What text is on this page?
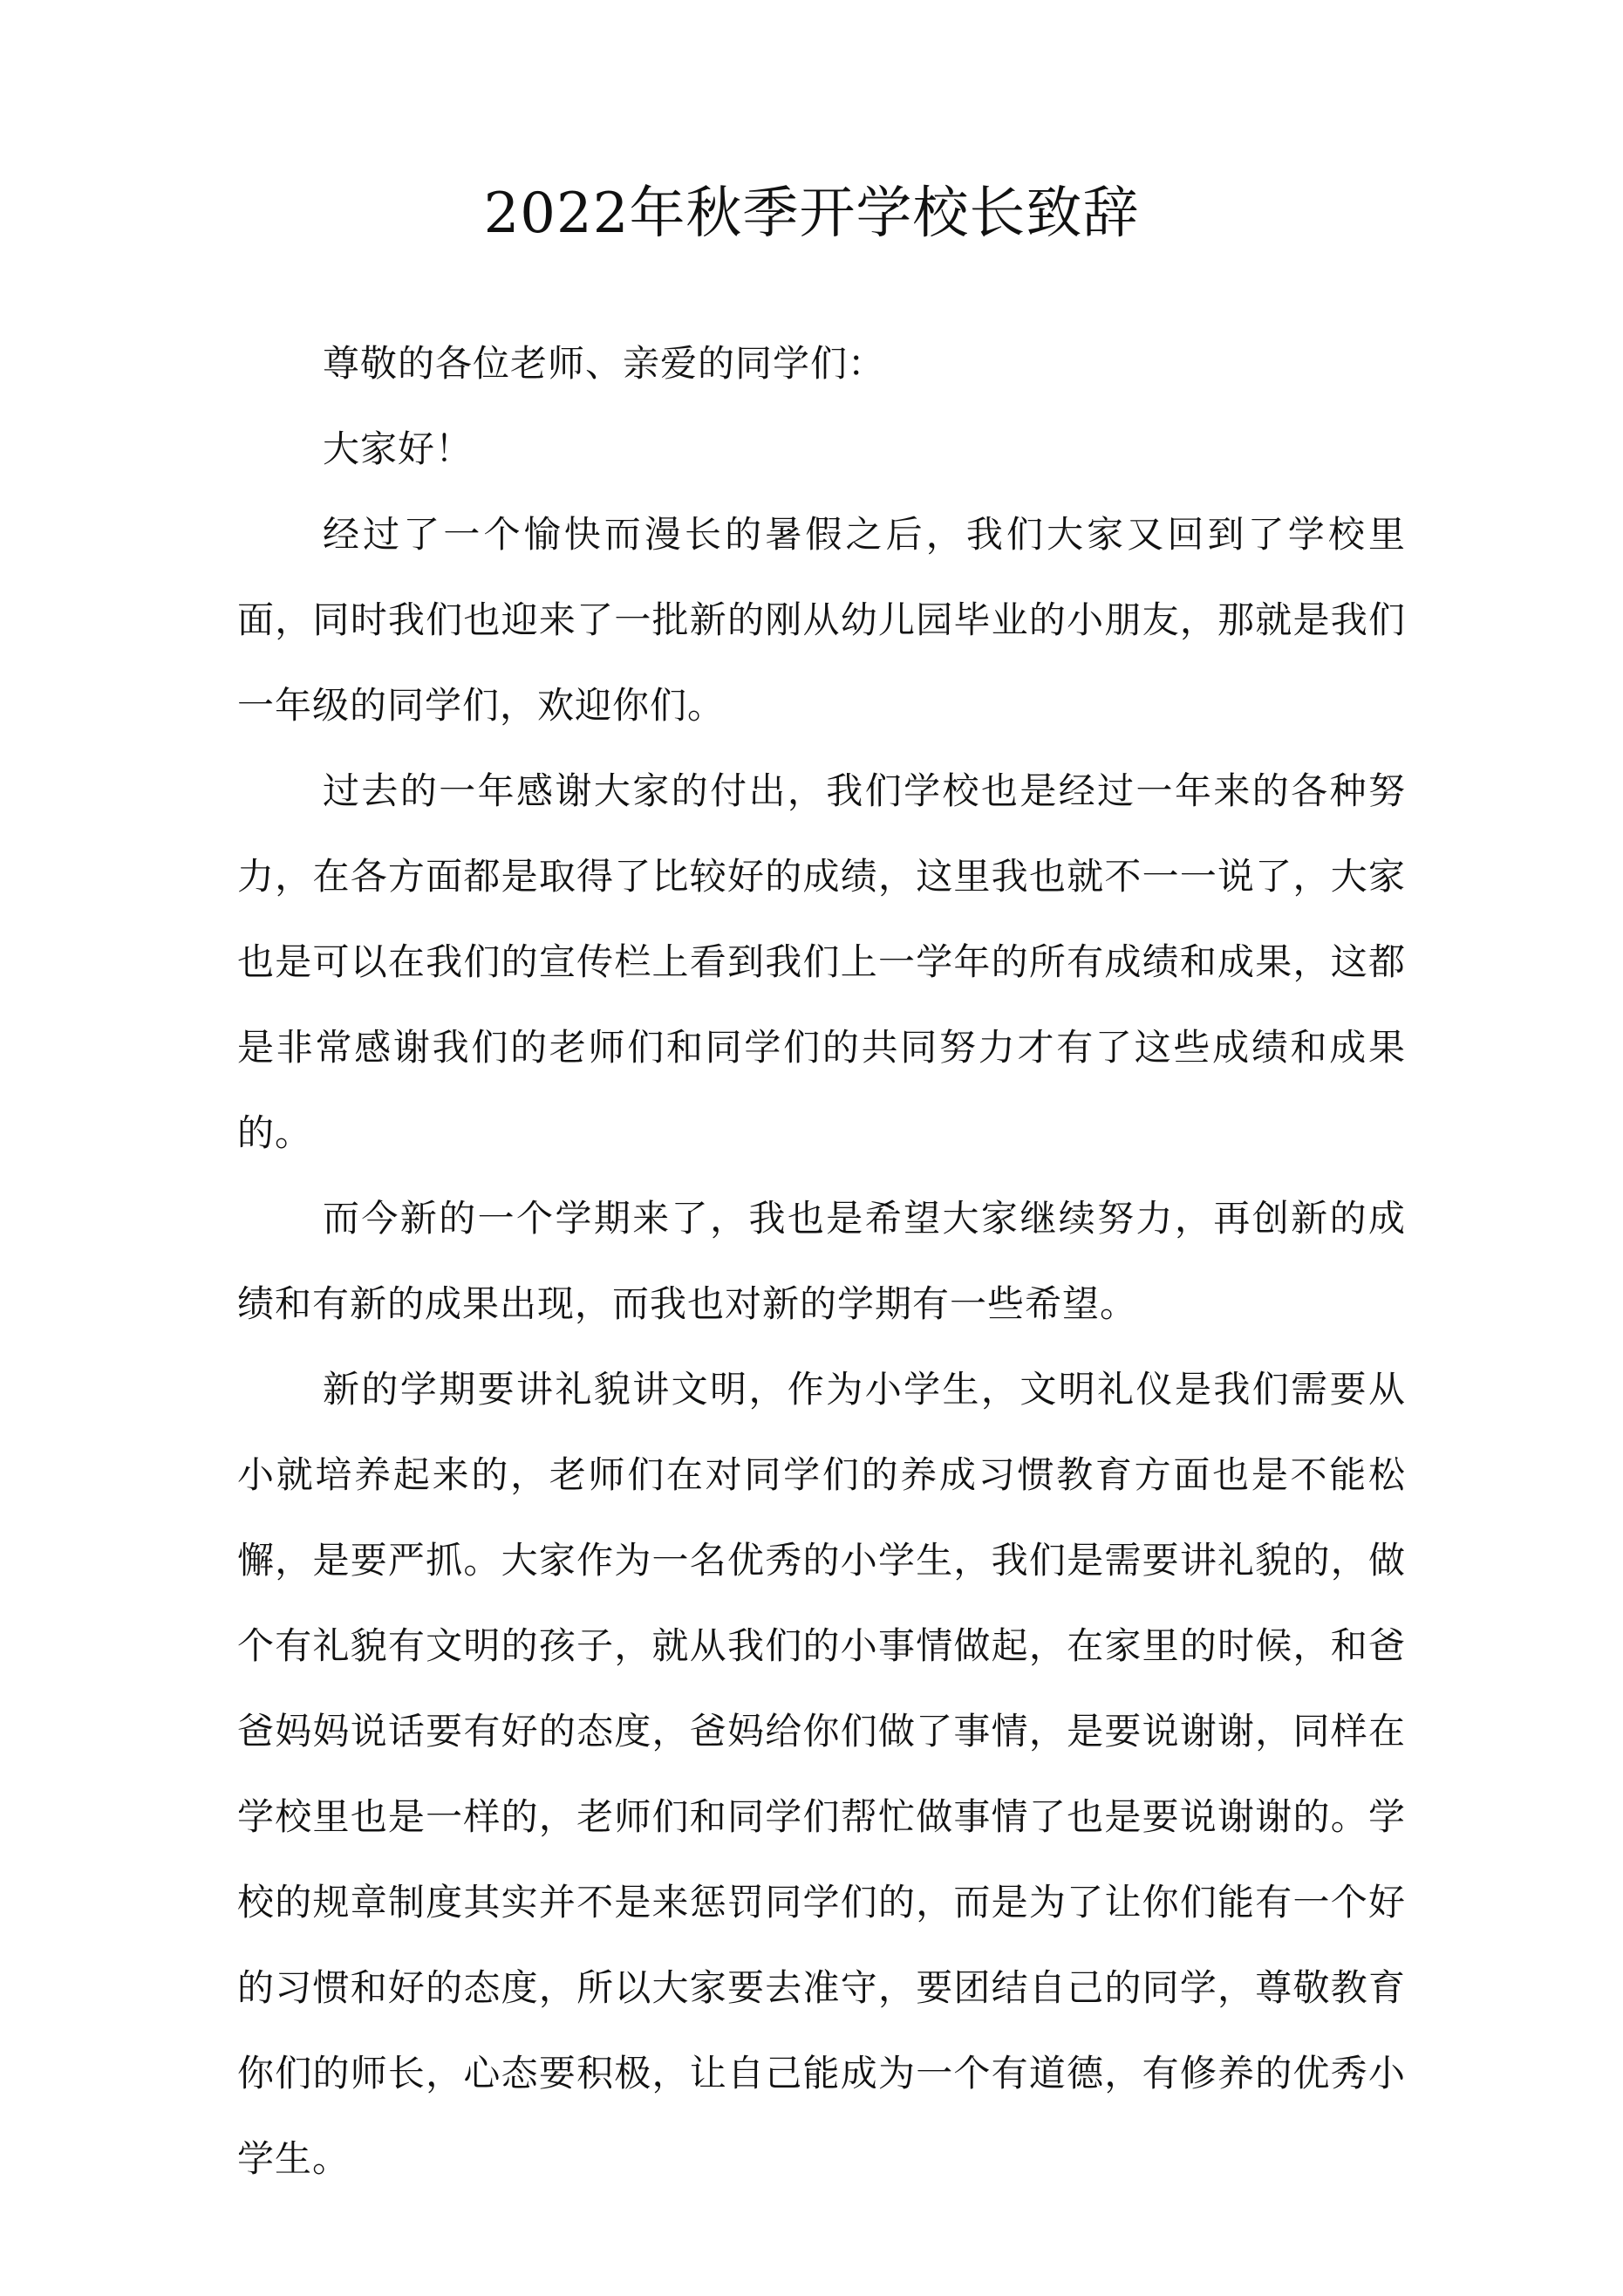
2022年秋季开学校长致辞

尊敬的各位老师、亲爱的同学们：

大家好！

经过了一个愉快而漫长的暑假之后，我们大家又回到了学校里面，同时我们也迎来了一批新的刚从幼儿园毕业的小朋友，那就是我们一年级的同学们，欢迎你们。

过去的一年感谢大家的付出，我们学校也是经过一年来的各种努力，在各方面都是取得了比较好的成绩，这里我也就不一一说了，大家也是可以在我们的宣传栏上看到我们上一学年的所有成绩和成果，这都是非常感谢我们的老师们和同学们的共同努力才有了这些成绩和成果的。

而今新的一个学期来了，我也是希望大家继续努力，再创新的成绩和有新的成果出现，而我也对新的学期有一些希望。

新的学期要讲礼貌讲文明，作为小学生，文明礼仪是我们需要从小就培养起来的，老师们在对同学们的养成习惯教育方面也是不能松懈，是要严抓。大家作为一名优秀的小学生，我们是需要讲礼貌的，做个有礼貌有文明的孩子，就从我们的小事情做起，在家里的时候，和爸爸妈妈说话要有好的态度，爸妈给你们做了事情，是要说谢谢，同样在学校里也是一样的，老师们和同学们帮忙做事情了也是要说谢谢的。学校的规章制度其实并不是来惩罚同学们的，而是为了让你们能有一个好的习惯和好的态度，所以大家要去准守，要团结自己的同学，尊敬教育你们的师长，心态要积极，让自己能成为一个有道德，有修养的优秀小学生。
